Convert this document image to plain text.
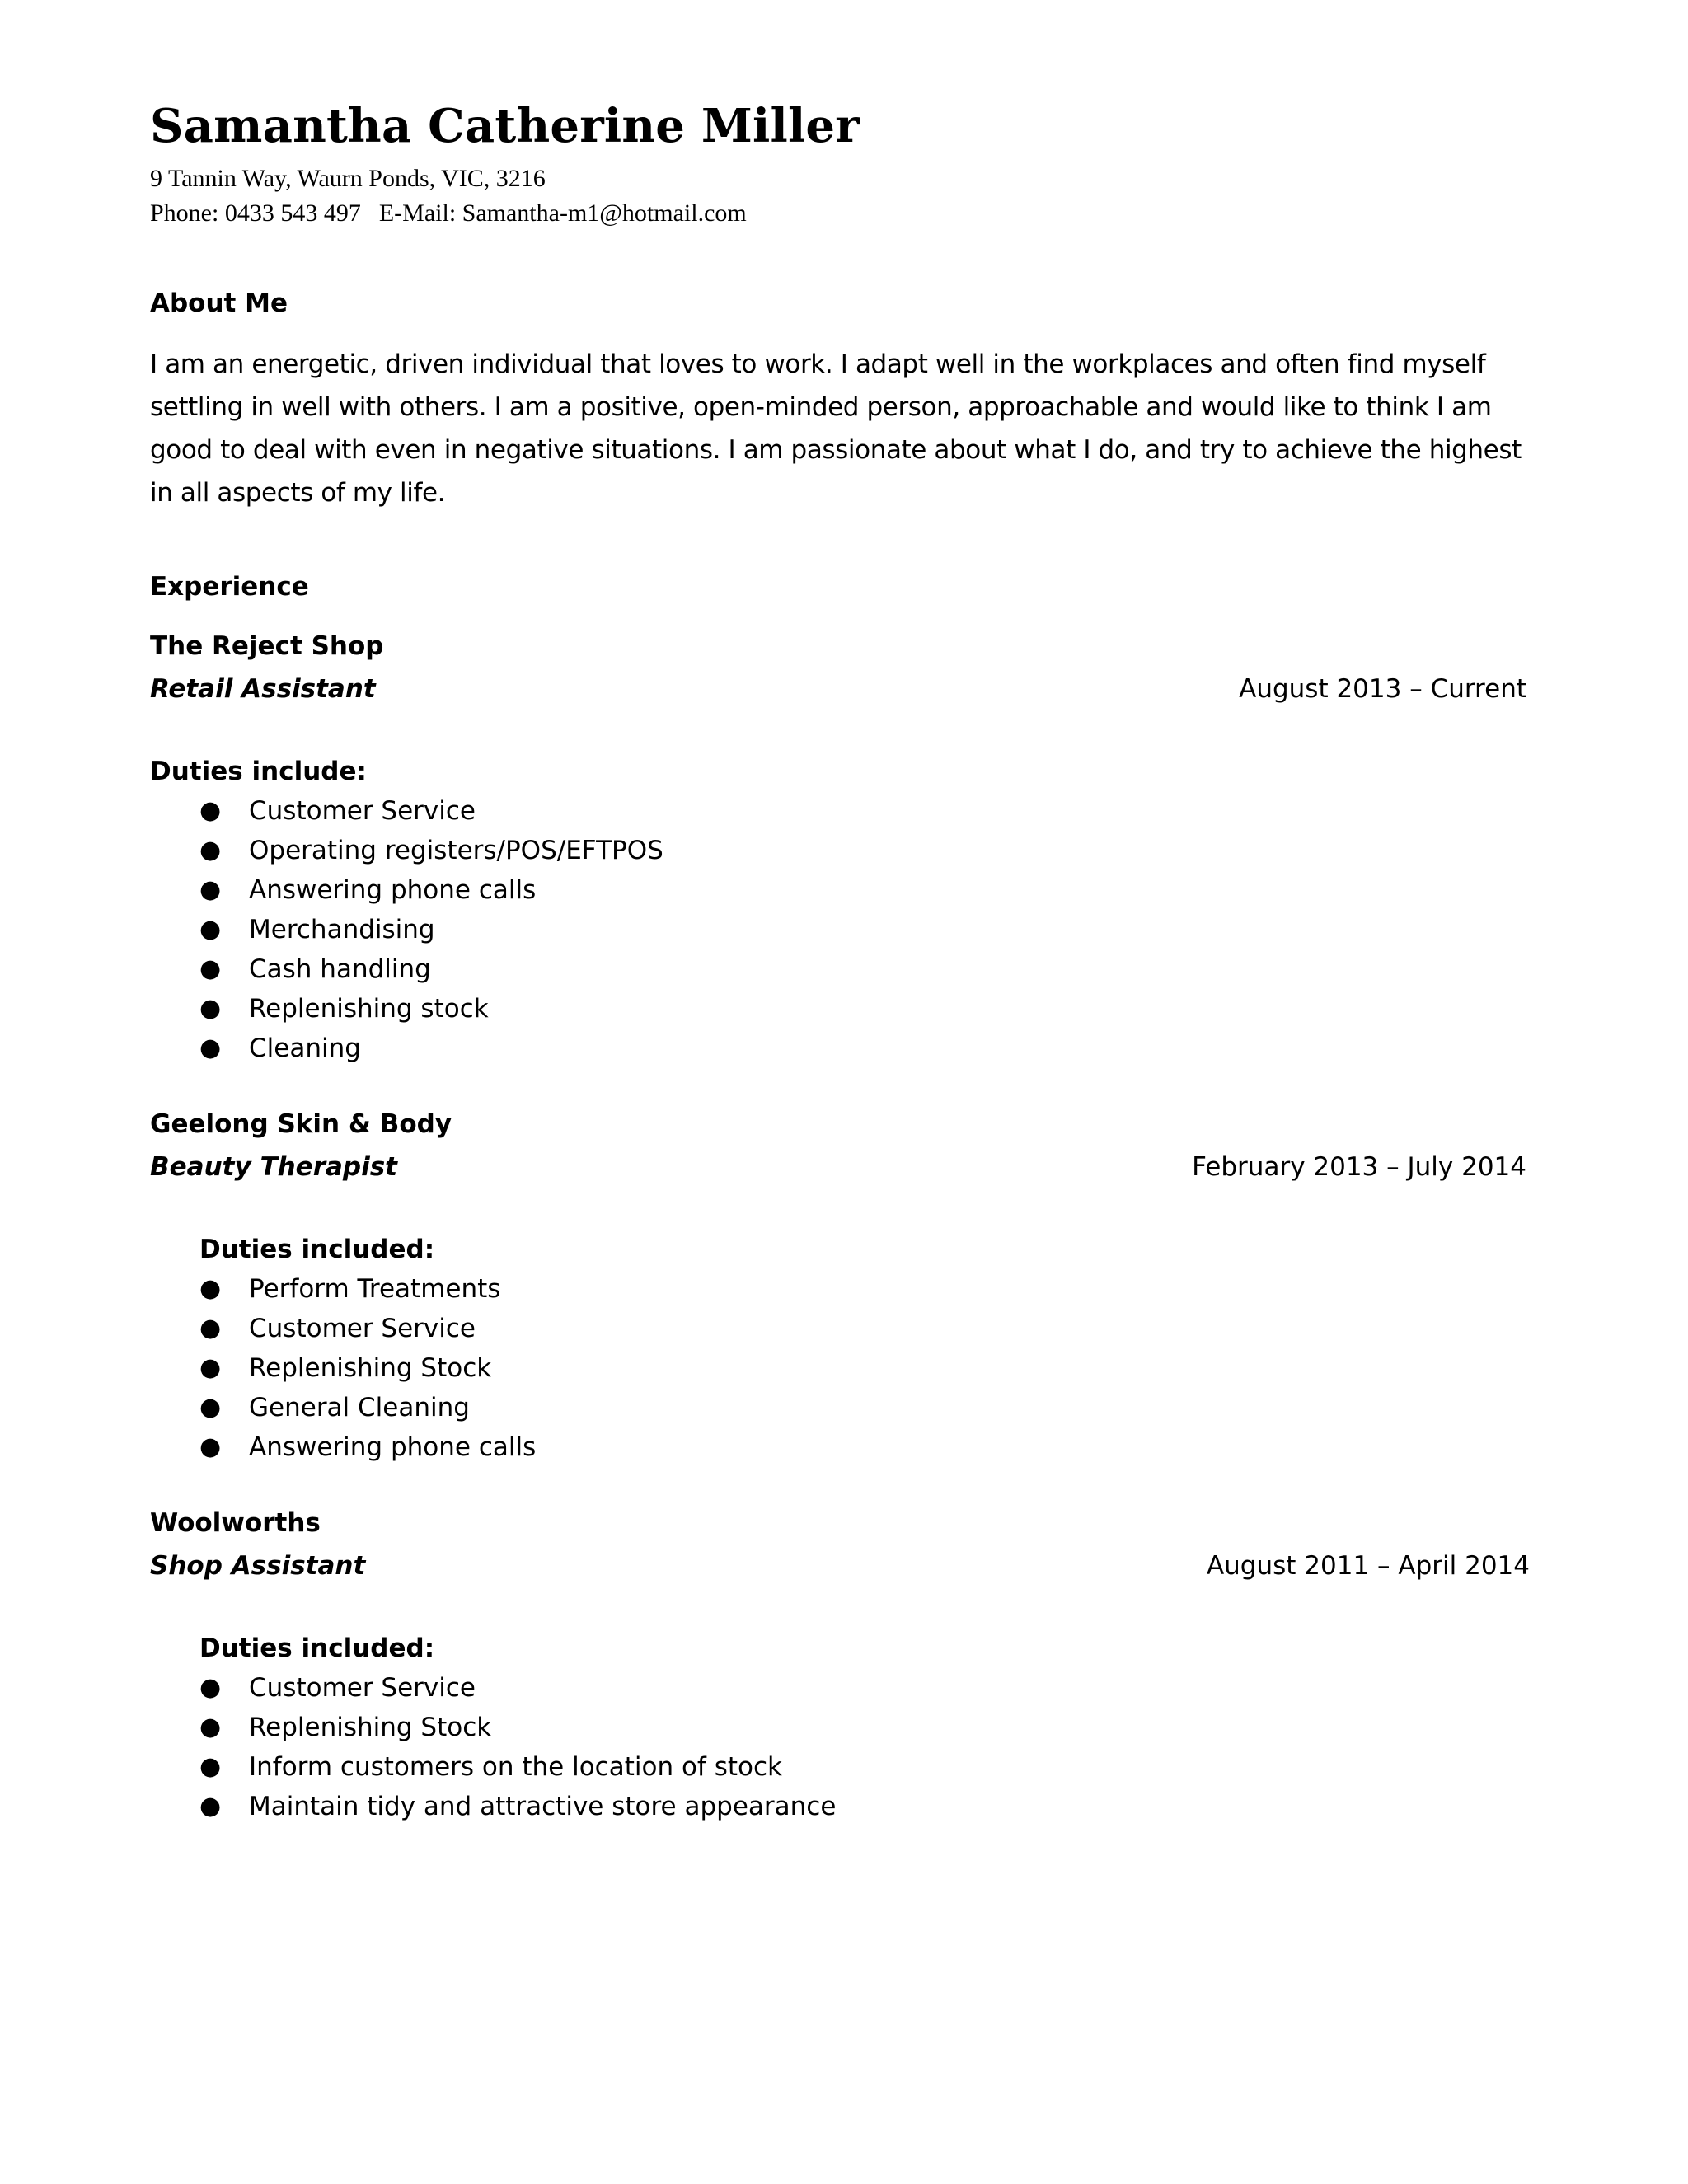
Samantha Catherine Miller
9 Tannin Way, Waurn Ponds, VIC, 3216
Phone: 0433 543 497 E-Mail: Samantha-m1@hotmail.com
About Me

I am an energetic, driven individual that loves to work. I adapt well in the workplaces and often find myself settling in well with others. I am a positive, open-minded person, approachable and would like to think I am good to deal with even in negative situations. I am passionate about what I do, and try to achieve the highest in all aspects of my life.

Experience
The Reject Shop
Retail Assistant	August 2013 – Current
Duties include:
● Customer Service
● Operating registers/POS/EFTPOS
● Answering phone calls
● Merchandising
● Cash handling
● Replenishing stock
● Cleaning
Geelong Skin & Body
Beauty Therapist	February 2013 – July 2014
Duties included:
● Perform Treatments
● Customer Service
● Replenishing Stock
● General Cleaning
● Answering phone calls
Woolworths
Shop Assistant	August 2011 – April 2014
Duties included:
● Customer Service
● Replenishing Stock
● Inform customers on the location of stock
● Maintain tidy and attractive store appearance
